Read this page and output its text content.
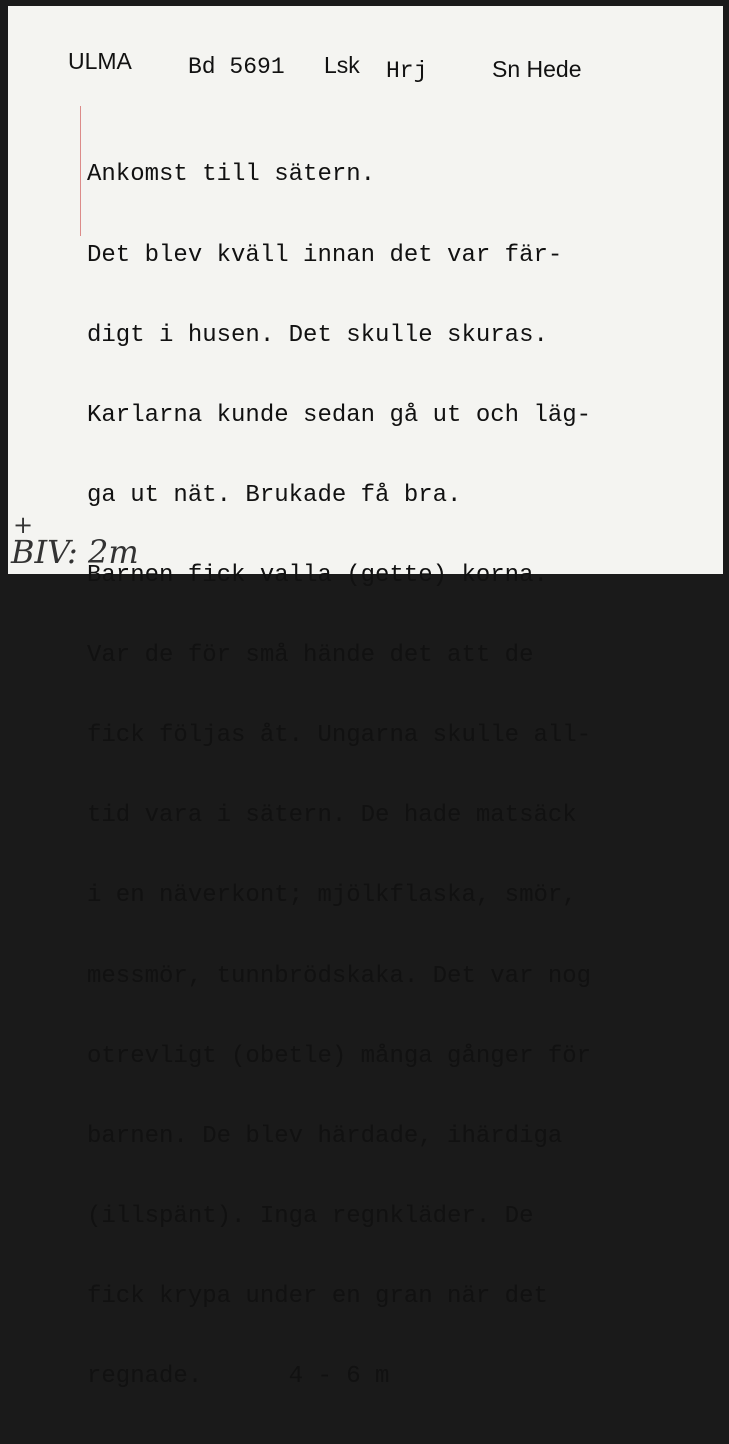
ULMA Bd 5691 Lsk Hrj	Sn Hede

Ankomst till sätern.

Det blev kväll innan det var fär-

digt i husen. Det skulle skuras.

Karlarna kunde sedan gå ut och läg-

ga ut nät. Brukade få bra.

Barnen fick valla (gette) korna.

Var de för små hände det att de

fick följas åt. Ungarna skulle all-

tid vara i sätern. De hade matsäck

i en näverkont; mjölkflaska, smör,

messmör, tunnbrödskaka. Det var nog

otrevligt (obetle) många gånger för

barnen. De blev härdade, ihärdiga

(illspänt). Inga regnkläder. De

fick krypa under en gran när det

regnade.      4 - 6 m

+
BIV: 2m
